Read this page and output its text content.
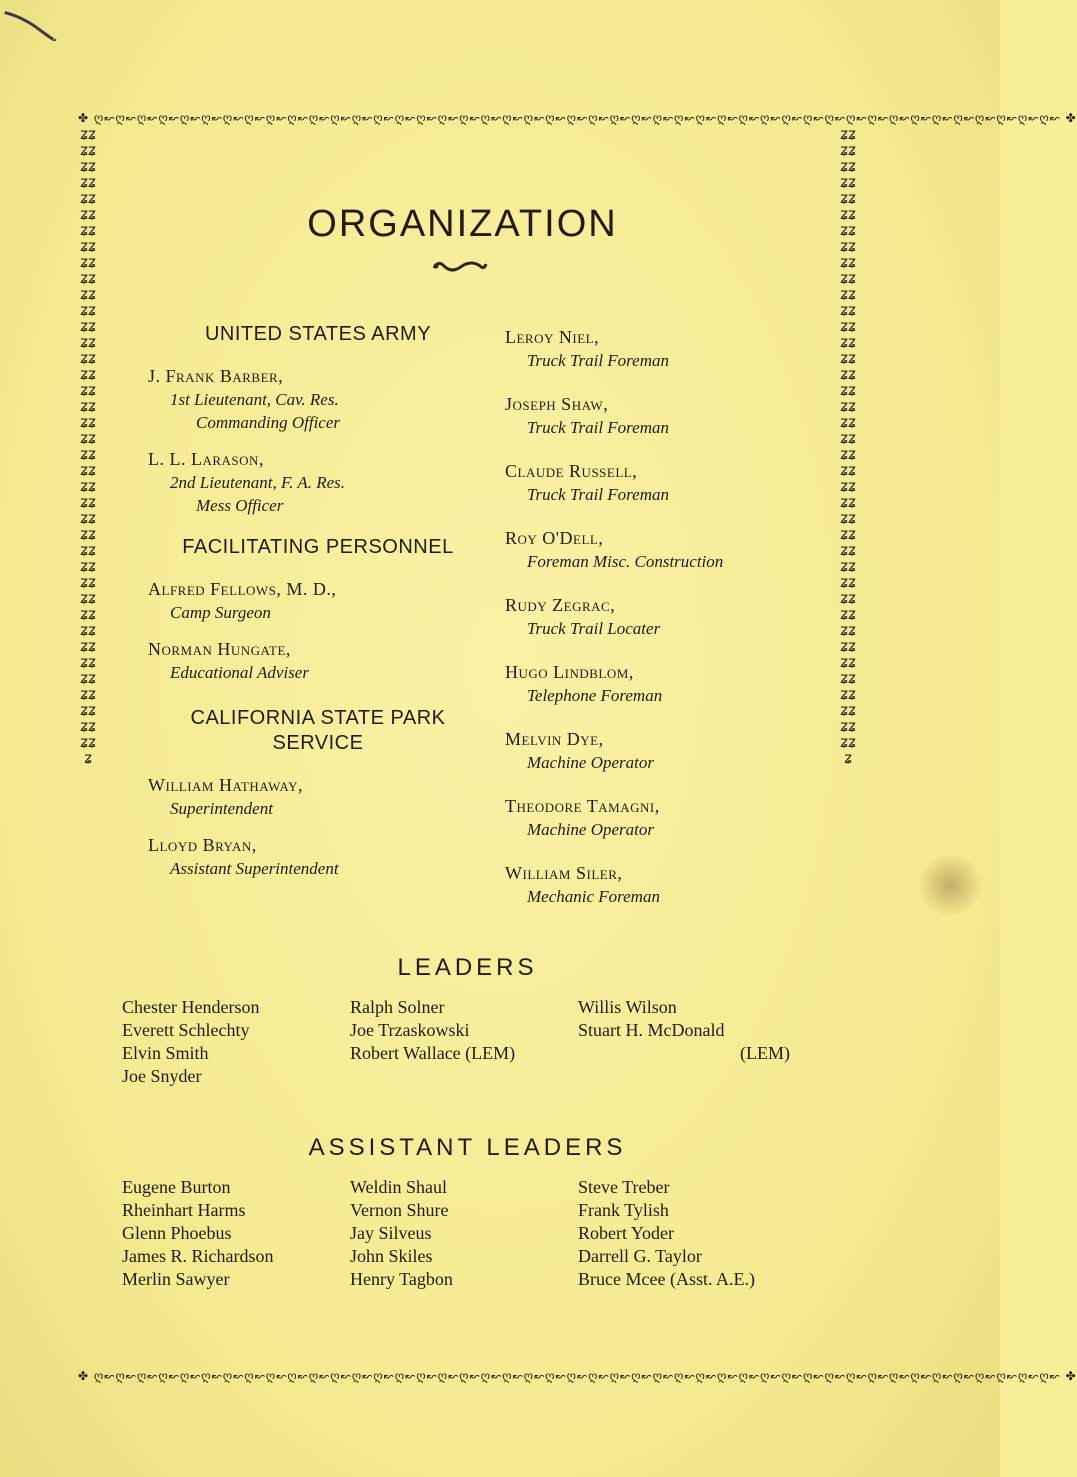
✤ ღ↜ღ↜ღ↜ღ↜ღ↜ღ↜ღ↜ღ↜ღ↜ღ↜ღ↜ღ↜ღ↜ღ↜ღ↜ღ↜ღ↜ღ↜ღ↜ღ↜ღ↜ღ↜ღ↜ღ↜ღ↜ღ↜ღ↜ღ↜ღ↜ღ↜ღ↜ღ↜ღ↜ღ↜ღ↜ღ↜ღ↜ღ↜ღ↜ღ↜ღ↜ღ↜ღ↜ღ↜ღ↜ ✤
✤ ღ↜ღ↜ღ↜ღ↜ღ↜ღ↜ღ↜ღ↜ღ↜ღ↜ღ↜ღ↜ღ↜ღ↜ღ↜ღ↜ღ↜ღ↜ღ↜ღ↜ღ↜ღ↜ღ↜ღ↜ღ↜ღ↜ღ↜ღ↜ღ↜ღ↜ღ↜ღ↜ღ↜ღ↜ღ↜ღ↜ღ↜ღ↜ღ↜ღ↜ღ↜ღ↜ღ↜ღ↜ღ↜ ✤
ʑʑʑʑʑʑʑʑʑʑʑʑʑʑʑʑʑʑʑʑʑʑʑʑʑʑʑʑʑʑʑʑʑʑʑʑʑʑʑʑʑʑʑʑʑʑʑʑʑʑʑʑʑʑʑʑʑʑʑʑʑʑʑʑʑʑʑʑʑʑʑʑʑʑʑʑʑʑʑ
ʑʑʑʑʑʑʑʑʑʑʑʑʑʑʑʑʑʑʑʑʑʑʑʑʑʑʑʑʑʑʑʑʑʑʑʑʑʑʑʑʑʑʑʑʑʑʑʑʑʑʑʑʑʑʑʑʑʑʑʑʑʑʑʑʑʑʑʑʑʑʑʑʑʑʑʑʑʑʑ
ORGANIZATION
UNITED STATES ARMY
J. Frank Barber,
1st Lieutenant, Cav. Res.
Commanding Officer
L. L. Larason,
2nd Lieutenant, F. A. Res.
Mess Officer
FACILITATING PERSONNEL
Alfred Fellows, M. D.,
Camp Surgeon
Norman Hungate,
Educational Adviser
CALIFORNIA STATE PARK
SERVICE
William Hathaway,
Superintendent
Lloyd Bryan,
Assistant Superintendent
Leroy Niel,
Truck Trail Foreman
Joseph Shaw,
Truck Trail Foreman
Claude Russell,
Truck Trail Foreman
Roy O'Dell,
Foreman Misc. Construction
Rudy Zegrac,
Truck Trail Locater
Hugo Lindblom,
Telephone Foreman
Melvin Dye,
Machine Operator
Theodore Tamagni,
Machine Operator
William Siler,
Mechanic Foreman
LEADERS
Chester Henderson
Everett Schlechty
Elvin Smith
Joe Snyder
Ralph Solner
Joe Trzaskowski
Robert Wallace (LEM)
Willis Wilson
Stuart H. McDonald
(LEM)
ASSISTANT LEADERS
Eugene Burton
Rheinhart Harms
Glenn Phoebus
James R. Richardson
Merlin Sawyer
Weldin Shaul
Vernon Shure
Jay Silveus
John Skiles
Henry Tagbon
Steve Treber
Frank Tylish
Robert Yoder
Darrell G. Taylor
Bruce Mcee (Asst. A.E.)
